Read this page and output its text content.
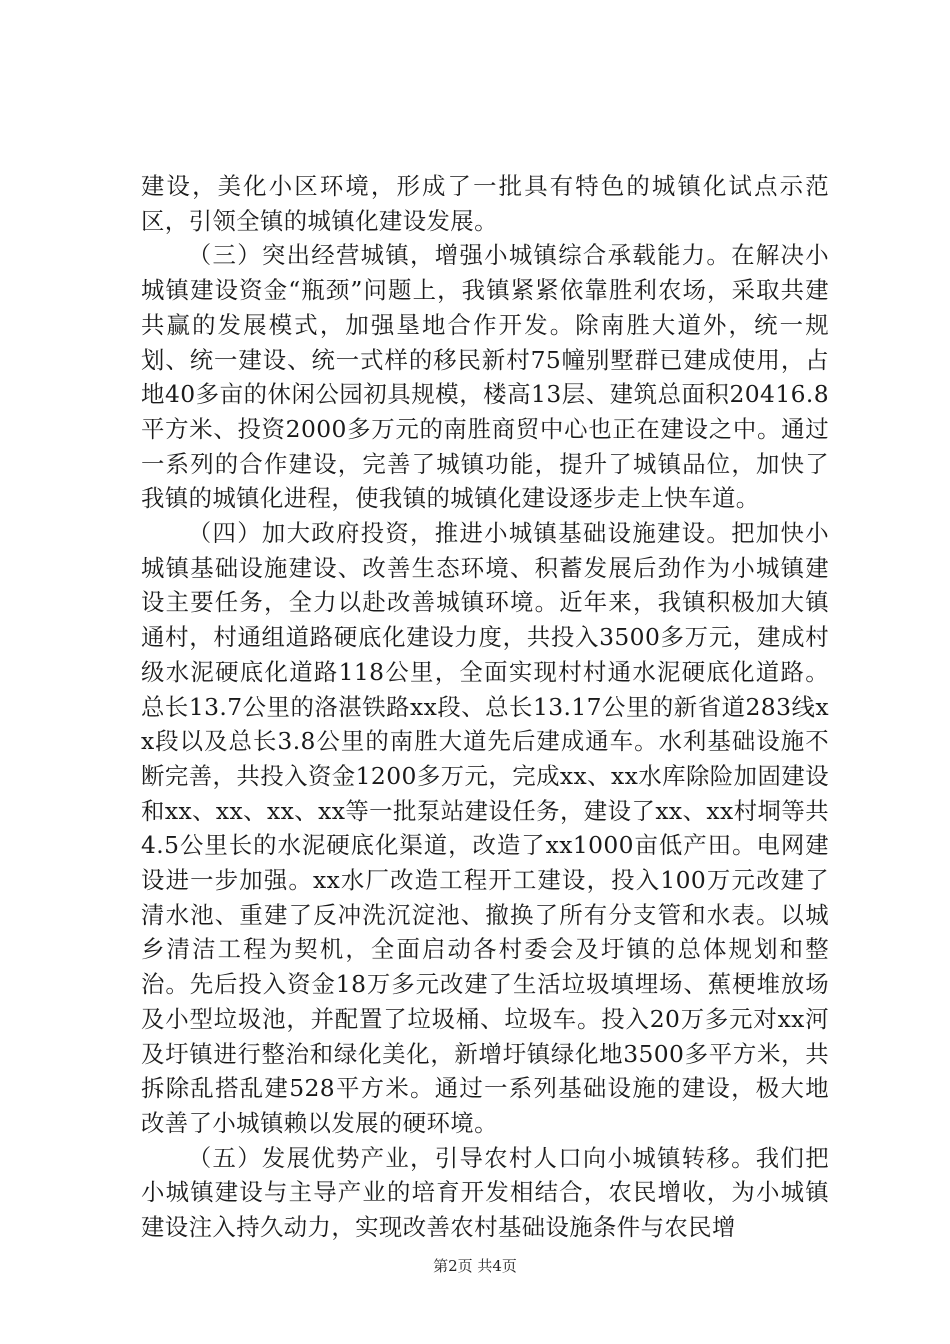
建设，美化小区环境，形成了一批具有特色的城镇化试点示范区，引领全镇的城镇化建设发展。

（三）突出经营城镇，增强小城镇综合承载能力。在解决小城镇建设资金“瓶颈”问题上，我镇紧紧依靠胜利农场，采取共建共赢的发展模式，加强垦地合作开发。除南胜大道外，统一规划、统一建设、统一式样的移民新村75幢别墅群已建成使用，占地40多亩的休闲公园初具规模，楼高13层、建筑总面积20416.8平方米、投资2000多万元的南胜商贸中心也正在建设之中。通过一系列的合作建设，完善了城镇功能，提升了城镇品位，加快了我镇的城镇化进程，使我镇的城镇化建设逐步走上快车道。

（四）加大政府投资，推进小城镇基础设施建设。把加快小城镇基础设施建设、改善生态环境、积蓄发展后劲作为小城镇建设主要任务，全力以赴改善城镇环境。近年来，我镇积极加大镇通村，村通组道路硬底化建设力度，共投入3500多万元，建成村级水泥硬底化道路118公里，全面实现村村通水泥硬底化道路。总长13.7公里的洛湛铁路xx段、总长13.17公里的新省道283线xx段以及总长3.8公里的南胜大道先后建成通车。水利基础设施不断完善，共投入资金1200多万元，完成xx、xx水库除险加固建设和xx、xx、xx、xx等一批泵站建设任务，建设了xx、xx村垌等共4.5公里长的水泥硬底化渠道，改造了xx1000亩低产田。电网建设进一步加强。xx水厂改造工程开工建设，投入100万元改建了清水池、重建了反冲洗沉淀池、撤换了所有分支管和水表。以城乡清洁工程为契机，全面启动各村委会及圩镇的总体规划和整治。先后投入资金18万多元改建了生活垃圾填埋场、蕉梗堆放场及小型垃圾池，并配置了垃圾桶、垃圾车。投入20万多元对xx河及圩镇进行整治和绿化美化，新增圩镇绿化地3500多平方米，共拆除乱搭乱建528平方米。通过一系列基础设施的建设，极大地改善了小城镇赖以发展的硬环境。

（五）发展优势产业，引导农村人口向小城镇转移。我们把小城镇建设与主导产业的培育开发相结合，农民增收，为小城镇建设注入持久动力，实现改善农村基础设施条件与农民增

第2页 共4页
